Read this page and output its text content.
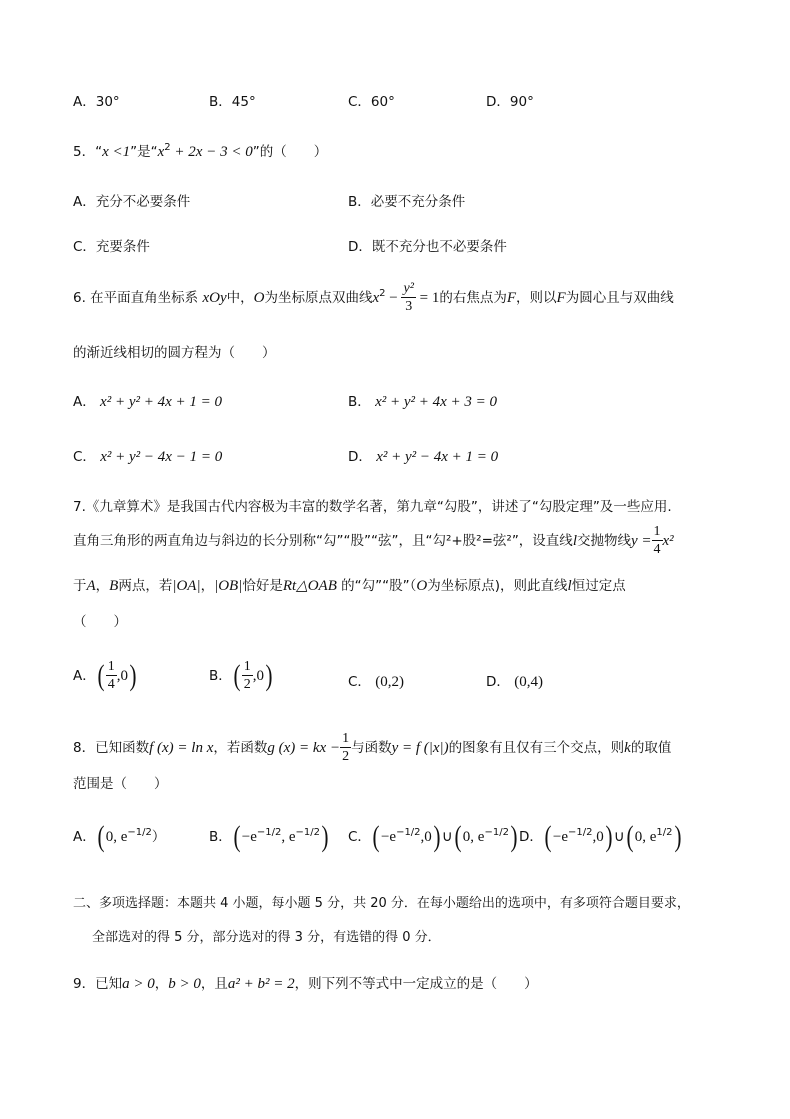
A．30°	B．45°	C．60°	D．90°
5．“x <1”是“$x^2 + 2x - 3 < 0$”的（　　）
A．充分不必要条件	B．必要不充分条件
C．充要条件	D．既不充分也不必要条件
6. 在平面直角坐标系 xOy中，O为坐标原点双曲线$x^2 - \frac{\text{y²}}{3} = 1$的右焦点为F，则以F为圆心且与双曲线
的渐近线相切的圆方程为（　　）
A． x² + y² + 4x + 1 = 0	B． x² + y² + 4x + 3 = 0
C． x² + y² − 4x − 1 = 0	D． x² + y² − 4x + 1 = 0
7.《九章算术》是我国古代内容极为丰富的数学名著，第九章“勾股”，讲述了“勾股定理”及一些应用.
直角三角形的两直角边与斜边的长分别称“勾”“股”“弦”，且“勾²+股²=弦²”，设直线l交抛物线$y = \frac{1}{4} x^2$
于A，B两点，若|OA|，|OB|恰好是Rt△OAB 的“勾”“股”（O为坐标原点)，则此直线l恒过定点
（　　）
A．( $\frac{1}{4} ,0$)	B．( $\frac{1}{2} ,0$)	C． (0,2)	D． (0,4)
8．已知函数f (x) = ln x，若函数g (x) = kx − $\frac{1}{2}$ 与函数y = f (|x|)的图象有且仅有三个交点，则k的取值
范围是（　　）
A．( 0, $e^{-1/2}$）	B．( $-e^{-1/2}$, $e^{-1/2}$) C．( $-e^{-1/2},0$) ∪( 0, $e^{-1/2}$) D．( $-e^{-1/2},0$) ∪( 0, $e^{1/2}$)
二、多项选择题：本题共 4 小题，每小题 5 分，共 20 分．在每小题给出的选项中，有多项符合题目要求，
全部选对的得 5 分，部分选对的得 3 分，有选错的得 0 分．
9．已知a > 0，b > 0，且a² + b² = 2，则下列不等式中一定成立的是（　　）
